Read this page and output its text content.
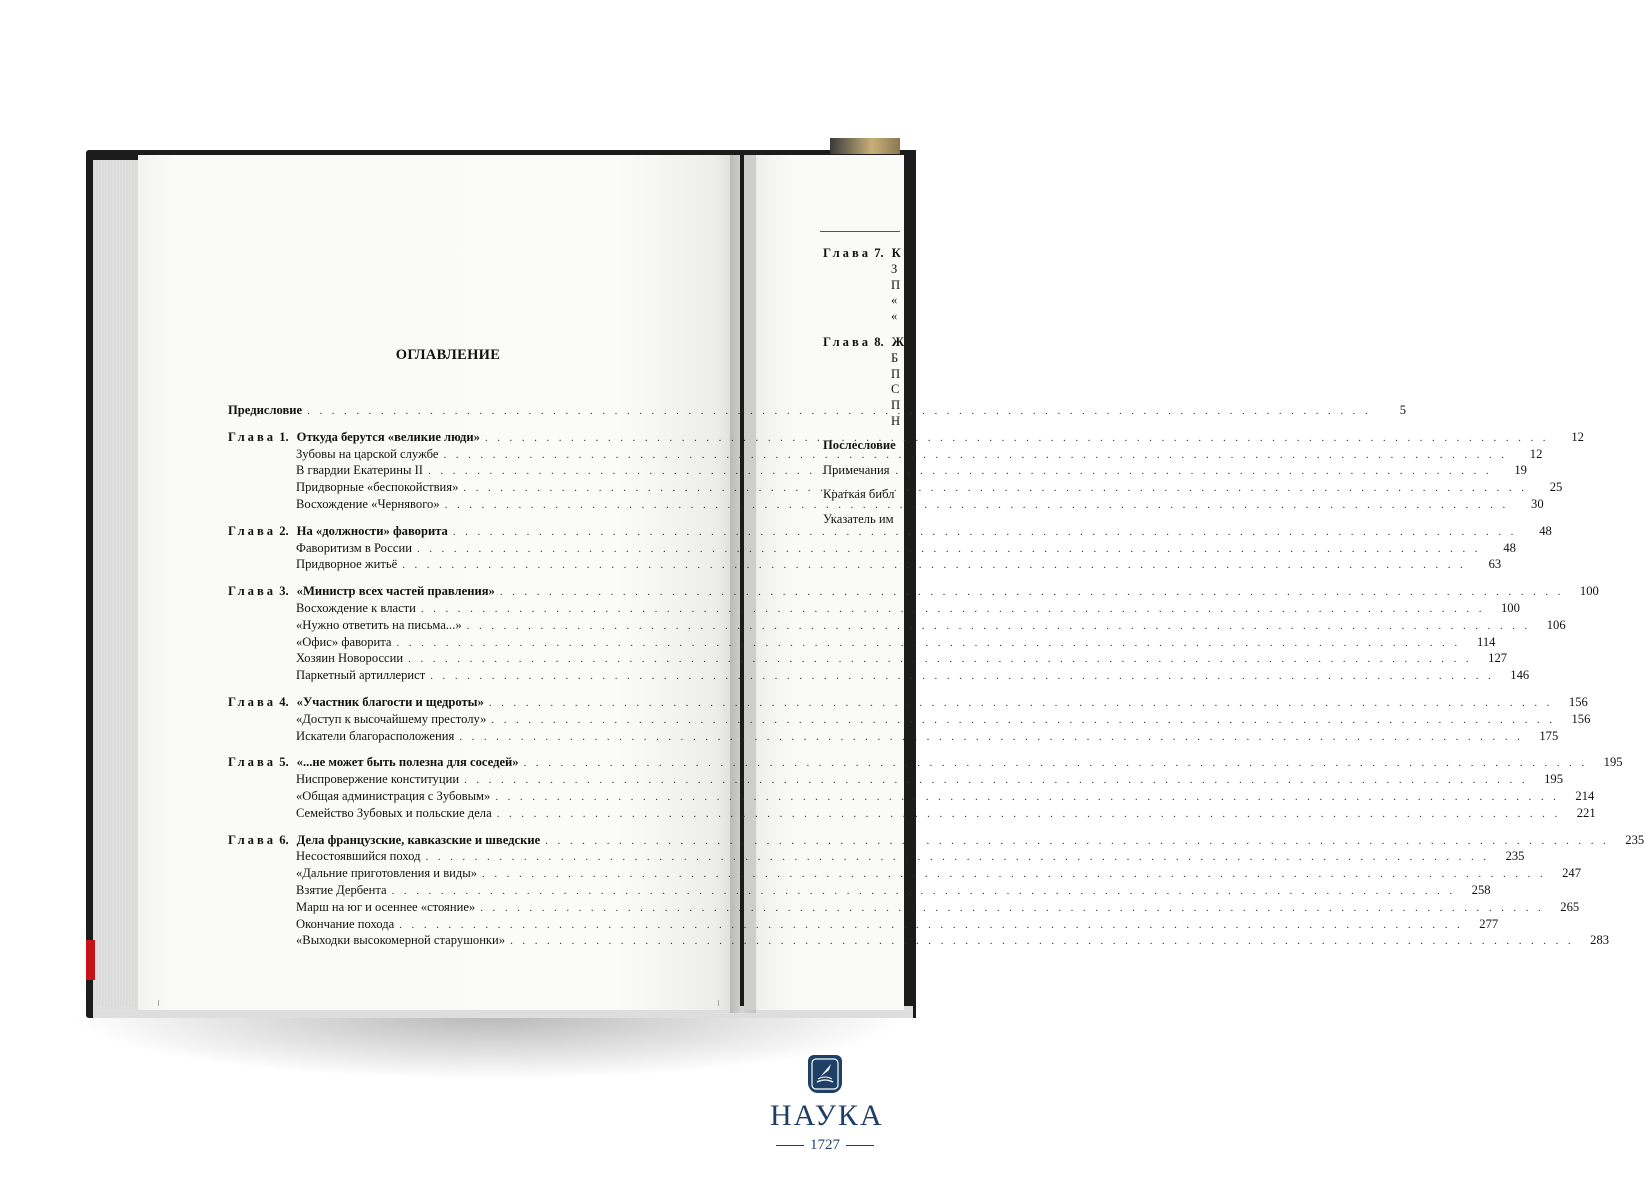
ОГЛАВЛЕНИЕ
Предисловие . . .	5
Глава 1. Откуда берутся «великие люди» . . .	12
Зубовы на царской службе . . .	12
В гвардии Екатерины II . . .	19
Придворные «беспокойствия» . . .	25
Восхождение «Чернявого» . . .	30
Глава 2. На «должности» фаворита . . .	48
Фаворитизм в России . . .	48
Придворное житьё . . .	63
Глава 3. «Министр всех частей правления» . . .	100
Восхождение к власти . . .	100
«Нужно ответить на письма...» . . .	106
«Офис» фаворита . . .	114
Хозяин Новороссии . . .	127
Паркетный артиллерист . . .	146
Глава 4. «Участник благости и щедроты» . . .	156
«Доступ к высочайшему престолу» . . .	156
Искатели благорасположения . . .	175
Глава 5. «...не может быть полезна для соседей» . . .	195
Ниспровержение конституции . . .	195
«Общая администрация с Зубовым» . . .	214
Семейство Зубовых и польские дела . . .	221
Глава 6. Дела французские, кавказские и шведские . . .	235
Несостоявшийся поход . . .	235
«Дальние приготовления и виды» . . .	247
Взятие Дербента . . .	258
Марш на юг и осеннее «стояние» . . .	265
Окончание похода . . .	277
«Выходки высокомерной старушонки» . . .	283
Глава 7. К
З
П
«
«
Глава 8. Ж
Б
П
С
П
Н
Послесловие
Примечания
Краткая библ
Указатель им
НАУКА
1727
